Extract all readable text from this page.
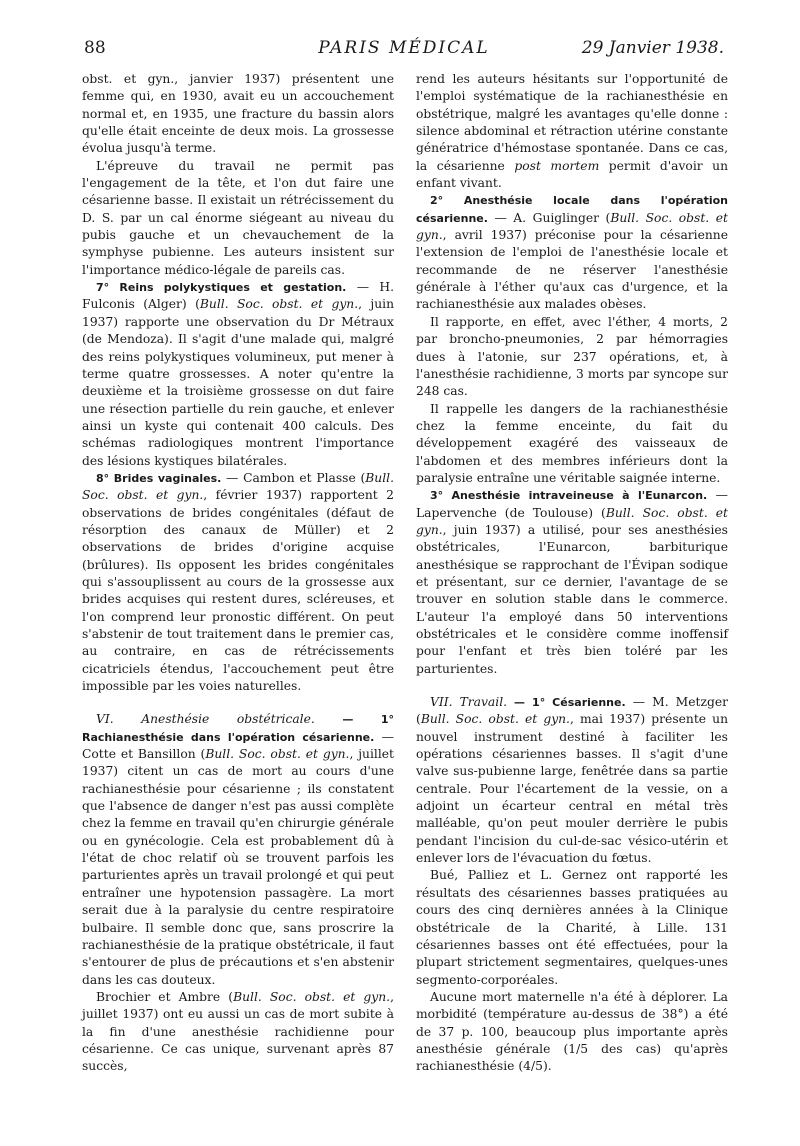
88	PARIS MÉDICAL	29 Janvier 1938.

obst. et gyn., janvier 1937) présentent une femme qui, en 1930, avait eu un accouchement normal et, en 1935, une fracture du bassin alors qu'elle était enceinte de deux mois. La grossesse évolua jusqu'à terme.

L'épreuve du travail ne permit pas l'engagement de la tête, et l'on dut faire une césarienne basse. Il existait un rétrécissement du D. S. par un cal énorme siégeant au niveau du pubis gauche et un chevauchement de la symphyse pubienne. Les auteurs insistent sur l'importance médico-légale de pareils cas.

7° Reins polykystiques et gestation. — H. Fulconis (Alger) (Bull. Soc. obst. et gyn., juin 1937) rapporte une observation du Dr Métraux (de Mendoza). Il s'agit d'une malade qui, malgré des reins polykystiques volumineux, put mener à terme quatre grossesses. A noter qu'entre la deuxième et la troisième grossesse on dut faire une résection partielle du rein gauche, et enlever ainsi un kyste qui contenait 400 calculs. Des schémas radiologiques montrent l'importance des lésions kystiques bilatérales.

8° Brides vaginales. — Cambon et Plasse (Bull. Soc. obst. et gyn., février 1937) rapportent 2 observations de brides congénitales (défaut de résorption des canaux de Müller) et 2 observations de brides d'origine acquise (brûlures). Ils opposent les brides congénitales qui s'assouplissent au cours de la grossesse aux brides acquises qui restent dures, scléreuses, et l'on comprend leur pronostic différent. On peut s'abstenir de tout traitement dans le premier cas, au contraire, en cas de rétrécissements cicatriciels étendus, l'accouchement peut être impossible par les voies naturelles.

VI. Anesthésie obstétricale. — 1° Rachianesthésie dans l'opération césarienne. — Cotte et Bansillon (Bull. Soc. obst. et gyn., juillet 1937) citent un cas de mort au cours d'une rachianesthésie pour césarienne ; ils constatent que l'absence de danger n'est pas aussi complète chez la femme en travail qu'en chirurgie générale ou en gynécologie. Cela est probablement dû à l'état de choc relatif où se trouvent parfois les parturientes après un travail prolongé et qui peut entraîner une hypotension passagère. La mort serait due à la paralysie du centre respiratoire bulbaire. Il semble donc que, sans proscrire la rachianesthésie de la pratique obstétricale, il faut s'entourer de plus de précautions et s'en abstenir dans les cas douteux.

Brochier et Ambre (Bull. Soc. obst. et gyn., juillet 1937) ont eu aussi un cas de mort subite à la fin d'une anesthésie rachidienne pour césarienne. Ce cas unique, survenant après 87 succès,

rend les auteurs hésitants sur l'opportunité de l'emploi systématique de la rachianesthésie en obstétrique, malgré les avantages qu'elle donne : silence abdominal et rétraction utérine constante génératrice d'hémostase spontanée. Dans ce cas, la césarienne post mortem permit d'avoir un enfant vivant.

2° Anesthésie locale dans l'opération césarienne. — A. Guiglinger (Bull. Soc. obst. et gyn., avril 1937) préconise pour la césarienne l'extension de l'emploi de l'anesthésie locale et recommande de ne réserver l'anesthésie générale à l'éther qu'aux cas d'urgence, et la rachianesthésie aux malades obèses.

Il rapporte, en effet, avec l'éther, 4 morts, 2 par broncho-pneumonies, 2 par hémorragies dues à l'atonie, sur 237 opérations, et, à l'anesthésie rachidienne, 3 morts par syncope sur 248 cas.

Il rappelle les dangers de la rachianesthésie chez la femme enceinte, du fait du développement exagéré des vaisseaux de l'abdomen et des membres inférieurs dont la paralysie entraîne une véritable saignée interne.

3° Anesthésie intraveineuse à l'Eunarcon. — Lapervenche (de Toulouse) (Bull. Soc. obst. et gyn., juin 1937) a utilisé, pour ses anesthésies obstétricales, l'Eunarcon, barbiturique anesthésique se rapprochant de l'Évipan sodique et présentant, sur ce dernier, l'avantage de se trouver en solution stable dans le commerce. L'auteur l'a employé dans 50 interventions obstétricales et le considère comme inoffensif pour l'enfant et très bien toléré par les parturientes.

VII. Travail. — 1° Césarienne. — M. Metzger (Bull. Soc. obst. et gyn., mai 1937) présente un nouvel instrument destiné à faciliter les opérations césariennes basses. Il s'agit d'une valve sus-pubienne large, fenêtrée dans sa partie centrale. Pour l'écartement de la vessie, on a adjoint un écarteur central en métal très malléable, qu'on peut mouler derrière le pubis pendant l'incision du cul-de-sac vésico-utérin et enlever lors de l'évacuation du fœtus.

Bué, Palliez et L. Gernez ont rapporté les résultats des césariennes basses pratiquées au cours des cinq dernières années à la Clinique obstétricale de la Charité, à Lille. 131 césariennes basses ont été effectuées, pour la plupart strictement segmentaires, quelques-unes segmento-corporéales.

Aucune mort maternelle n'a été à déplorer. La morbidité (température au-dessus de 38°) a été de 37 p. 100, beaucoup plus importante après anesthésie générale (1/5 des cas) qu'après rachianesthésie (4/5).
